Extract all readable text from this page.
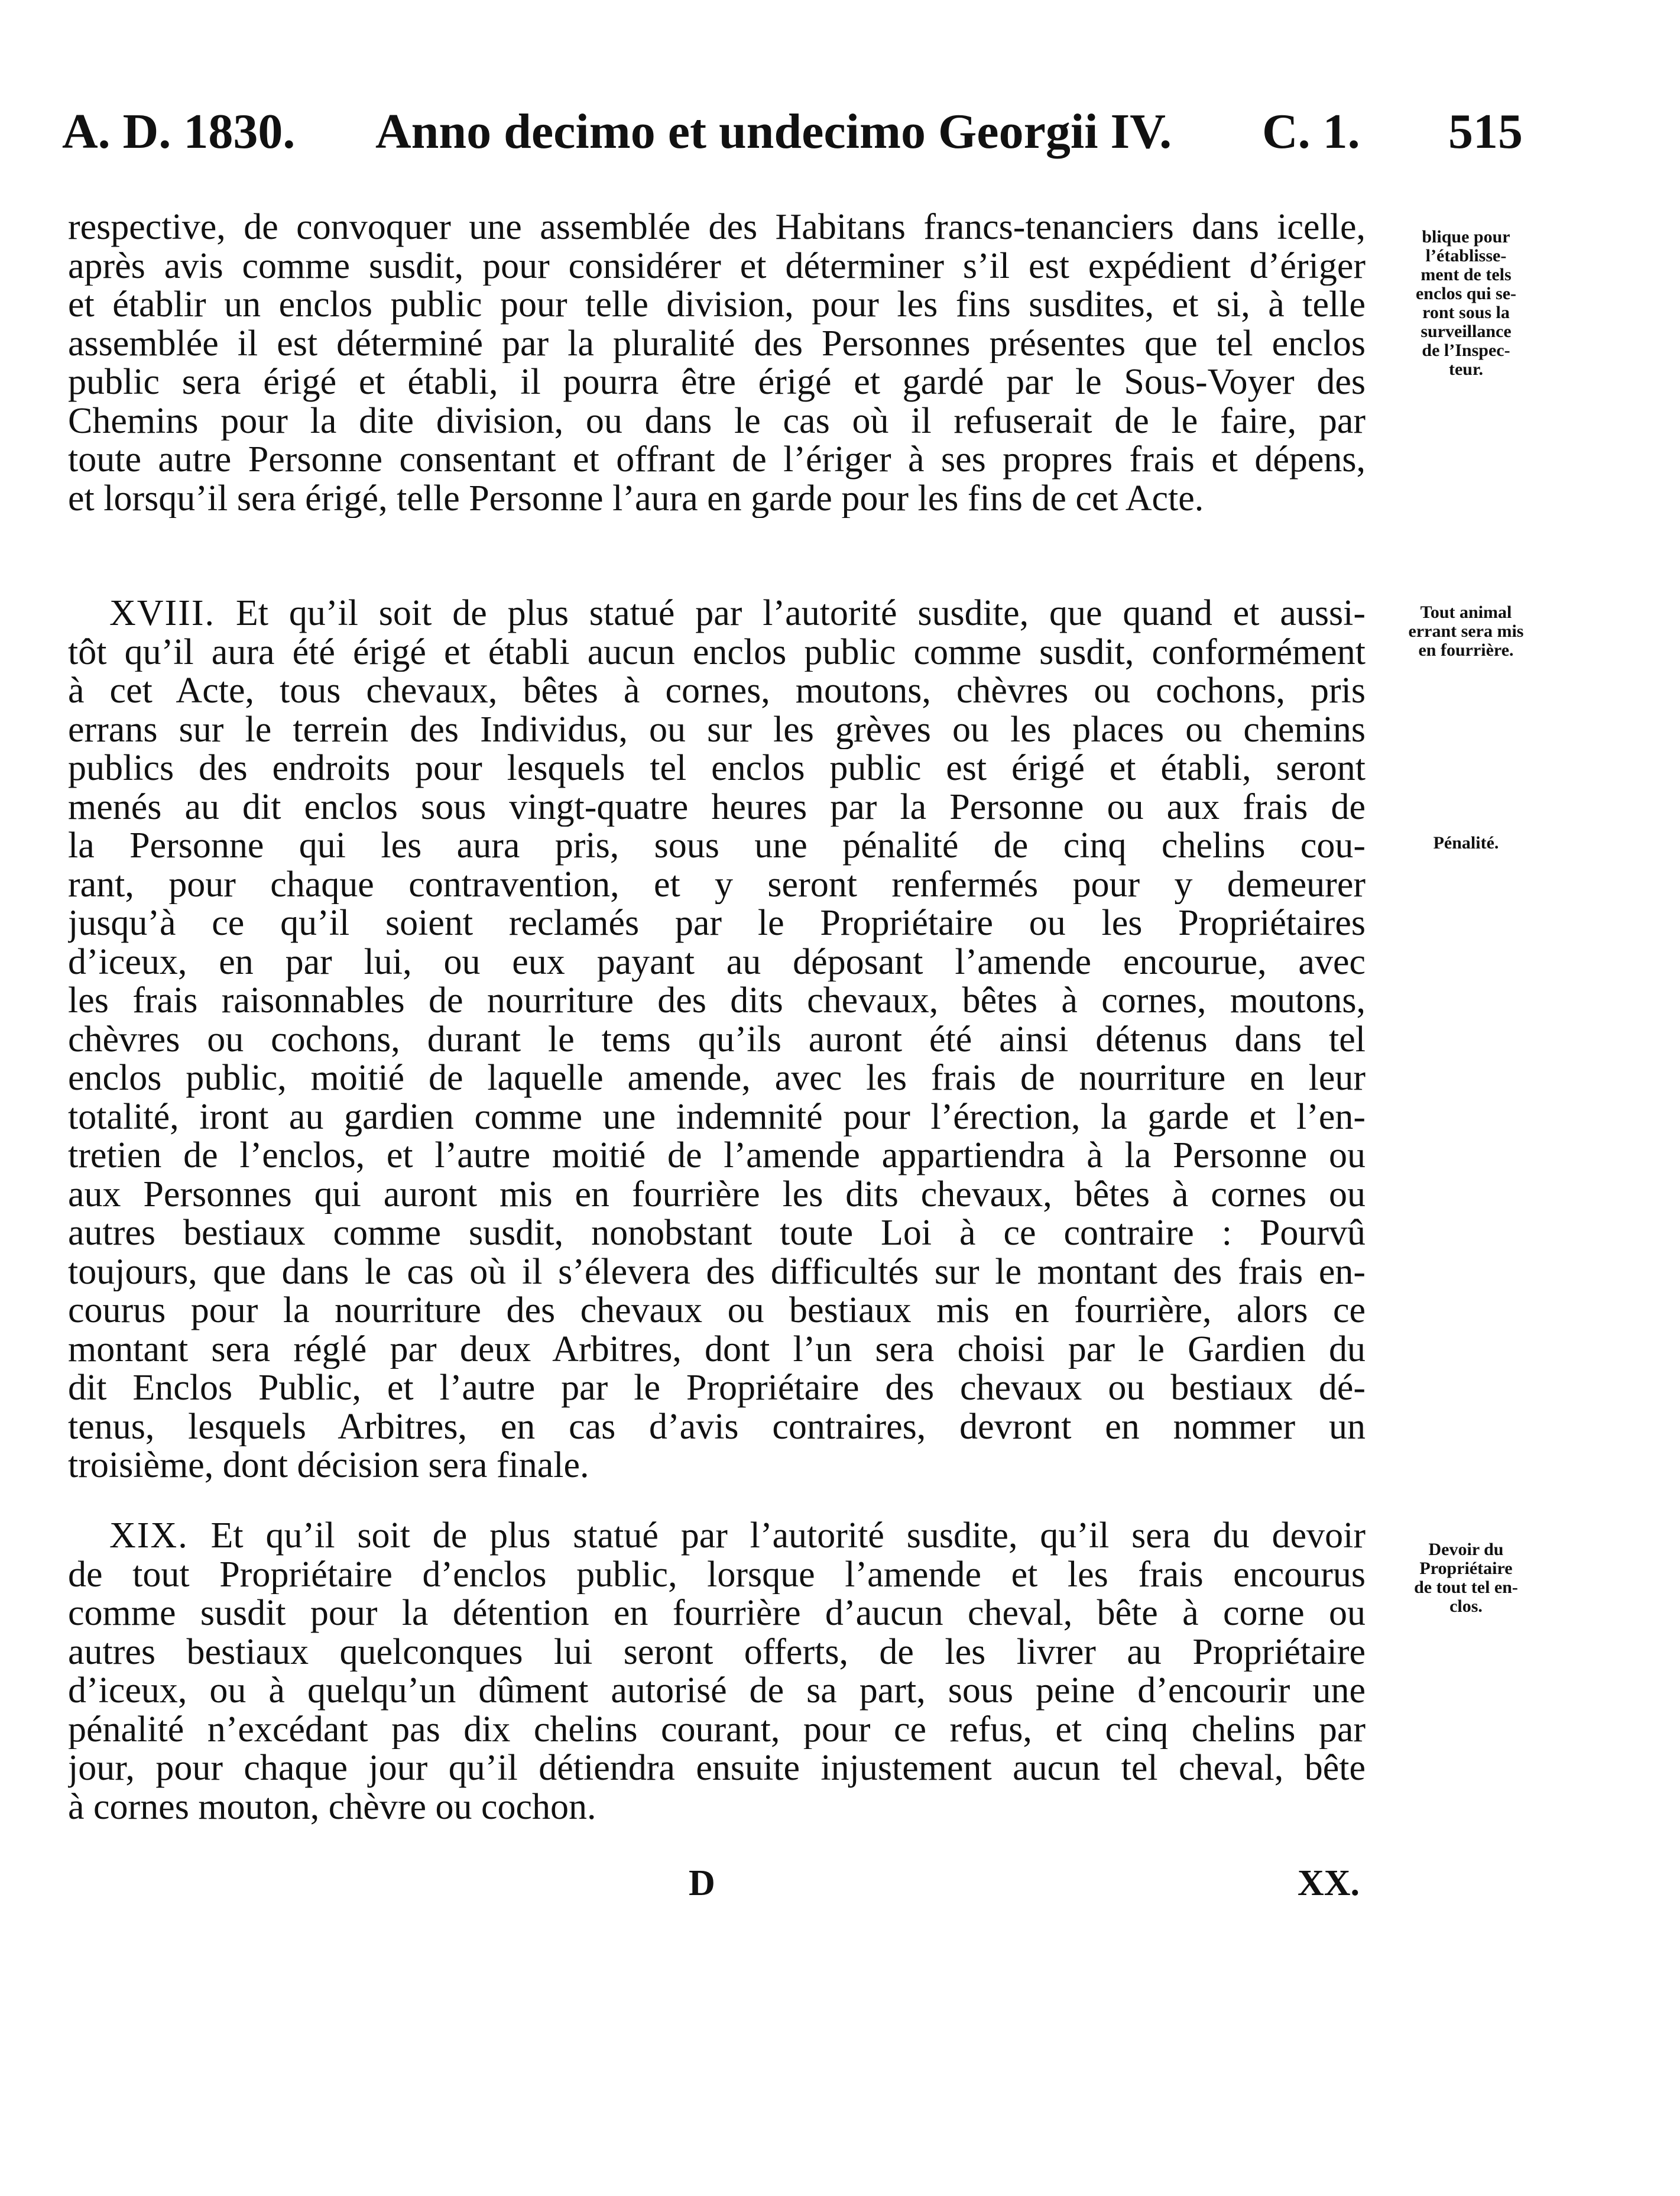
A. D. 1830. Anno decimo et undecimo Georgii IV. C. 1. 515
respective, de convoquer une assemblée des Habitans francs-tenanciers dans icelle,
après avis comme susdit, pour considérer et déterminer s’il est expédient d’ériger
et établir un enclos public pour telle division, pour les fins susdites, et si, à telle
assemblée il est déterminé par la pluralité des Personnes présentes que tel enclos
public sera érigé et établi, il pourra être érigé et gardé par le Sous-Voyer des
Chemins pour la dite division, ou dans le cas où il refuserait de le faire, par
toute autre Personne consentant et offrant de l’ériger à ses propres frais et dépens,
et lorsqu’il sera érigé, telle Personne l’aura en garde pour les fins de cet Acte.
XVIII. Et qu’il soit de plus statué par l’autorité susdite, que quand et aussi-
tôt qu’il aura été érigé et établi aucun enclos public comme susdit, conformément
à cet Acte, tous chevaux, bêtes à cornes, moutons, chèvres ou cochons, pris
errans sur le terrein des Individus, ou sur les grèves ou les places ou chemins
publics des endroits pour lesquels tel enclos public est érigé et établi, seront
menés au dit enclos sous vingt-quatre heures par la Personne ou aux frais de
la Personne qui les aura pris, sous une pénalité de cinq chelins cou-
rant, pour chaque contravention, et y seront renfermés pour y demeurer
jusqu’à ce qu’il soient reclamés par le Propriétaire ou les Propriétaires
d’iceux, en par lui, ou eux payant au déposant l’amende encourue, avec
les frais raisonnables de nourriture des dits chevaux, bêtes à cornes, moutons,
chèvres ou cochons, durant le tems qu’ils auront été ainsi détenus dans tel
enclos public, moitié de laquelle amende, avec les frais de nourriture en leur
totalité, iront au gardien comme une indemnité pour l’érection, la garde et l’en-
tretien de l’enclos, et l’autre moitié de l’amende appartiendra à la Personne ou
aux Personnes qui auront mis en fourrière les dits chevaux, bêtes à cornes ou
autres bestiaux comme susdit, nonobstant toute Loi à ce contraire : Pourvû
toujours, que dans le cas où il s’élevera des difficultés sur le montant des frais en-
courus pour la nourriture des chevaux ou bestiaux mis en fourrière, alors ce
montant sera réglé par deux Arbitres, dont l’un sera choisi par le Gardien du
dit Enclos Public, et l’autre par le Propriétaire des chevaux ou bestiaux dé-
tenus, lesquels Arbitres, en cas d’avis contraires, devront en nommer un
troisième, dont décision sera finale.
XIX. Et qu’il soit de plus statué par l’autorité susdite, qu’il sera du devoir
de tout Propriétaire d’enclos public, lorsque l’amende et les frais encourus
comme susdit pour la détention en fourrière d’aucun cheval, bête à corne ou
autres bestiaux quelconques lui seront offerts, de les livrer au Propriétaire
d’iceux, ou à quelqu’un dûment autorisé de sa part, sous peine d’encourir une
pénalité n’excédant pas dix chelins courant, pour ce refus, et cinq chelins par
jour, pour chaque jour qu’il détiendra ensuite injustement aucun tel cheval, bête
à cornes mouton, chèvre ou cochon.
blique pour
l’établisse-
ment de tels
enclos qui se-
ront sous la
surveillance
de l’Inspec-
teur.
Tout animal
errant sera mis
en fourrière.
Pénalité.
Devoir du
Propriétaire
de tout tel en-
clos.
D	XX.
